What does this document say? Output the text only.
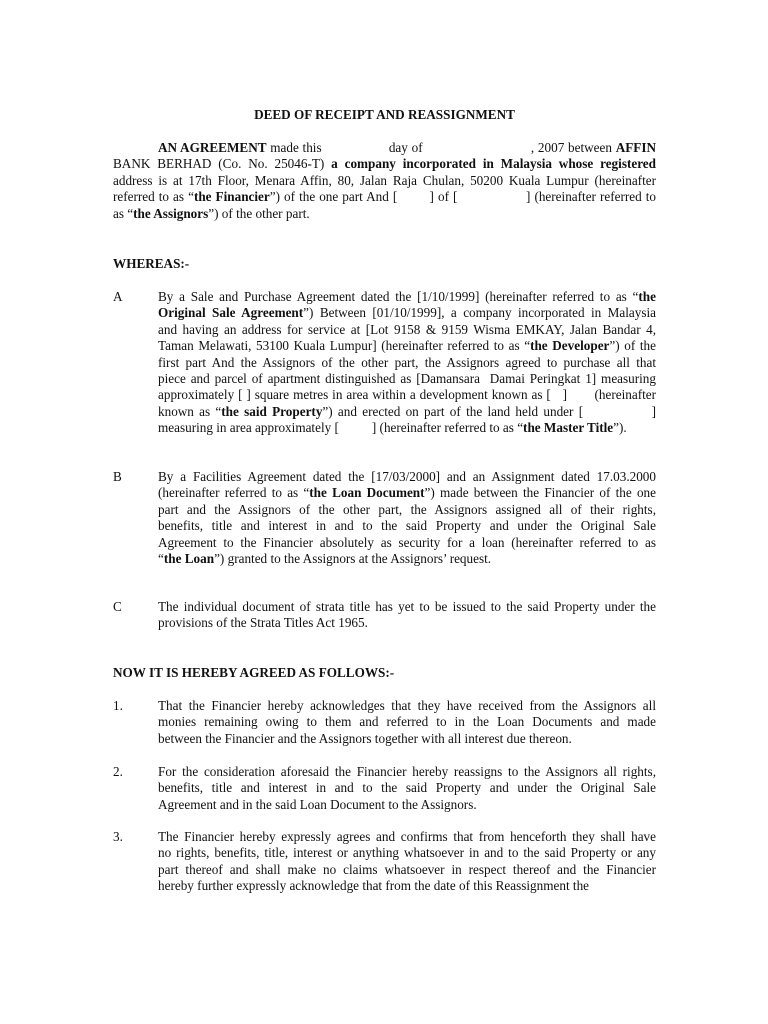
DEED OF RECEIPT AND REASSIGNMENT
AN AGREEMENT made this                  day of                             , 2007 between AFFIN
BANK BERHAD (Co. No. 25046-T) a company incorporated in Malaysia whose registered
address is at 17th Floor, Menara Affin, 80, Jalan Raja Chulan, 50200 Kuala Lumpur (hereinafter
referred to as “the Financier”) of the one part And [        ] of [                 ] (hereinafter referred to
as “the Assignors”) of the other part.
WHEREAS:-
A	By a Sale and Purchase Agreement dated the [1/10/1999] (hereinafter referred to as “the
Original Sale Agreement”) Between [01/10/1999], a company incorporated in Malaysia
and having an address for service at [Lot 9158 & 9159 Wisma EMKAY, Jalan Bandar 4,
Taman Melawati, 53100 Kuala Lumpur] (hereinafter referred to as “the Developer”) of the
first part And the Assignors of the other part, the Assignors agreed to purchase all that
piece and parcel of apartment distinguished as [Damansara  Damai Peringkat 1] measuring
approximately [ ] square metres in area within a development known as [   ]       (hereinafter
known as “the said Property”) and erected on part of the land held under [             ]
measuring in area approximately [          ] (hereinafter referred to as “the Master Title”).
B	By a Facilities Agreement dated the [17/03/2000] and an Assignment dated 17.03.2000
(hereinafter referred to as “the Loan Document”) made between the Financier of the one
part and the Assignors of the other part, the Assignors assigned all of their rights,
benefits, title and interest in and to the said Property and under the Original Sale
Agreement to the Financier absolutely as security for a loan (hereinafter referred to as
“the Loan”) granted to the Assignors at the Assignors’ request.
C	The individual document of strata title has yet to be issued to the said Property under the
provisions of the Strata Titles Act 1965.
NOW IT IS HEREBY AGREED AS FOLLOWS:-
1.	That the Financier hereby acknowledges that they have received from the Assignors all
monies remaining owing to them and referred to in the Loan Documents and made
between the Financier and the Assignors together with all interest due thereon.
2.	For the consideration aforesaid the Financier hereby reassigns to the Assignors all rights,
benefits, title and interest in and to the said Property and under the Original Sale
Agreement and in the said Loan Document to the Assignors.
3.	The Financier hereby expressly agrees and confirms that from henceforth they shall have
no rights, benefits, title, interest or anything whatsoever in and to the said Property or any
part thereof and shall make no claims whatsoever in respect thereof and the Financier
hereby further expressly acknowledge that from the date of this Reassignment the
